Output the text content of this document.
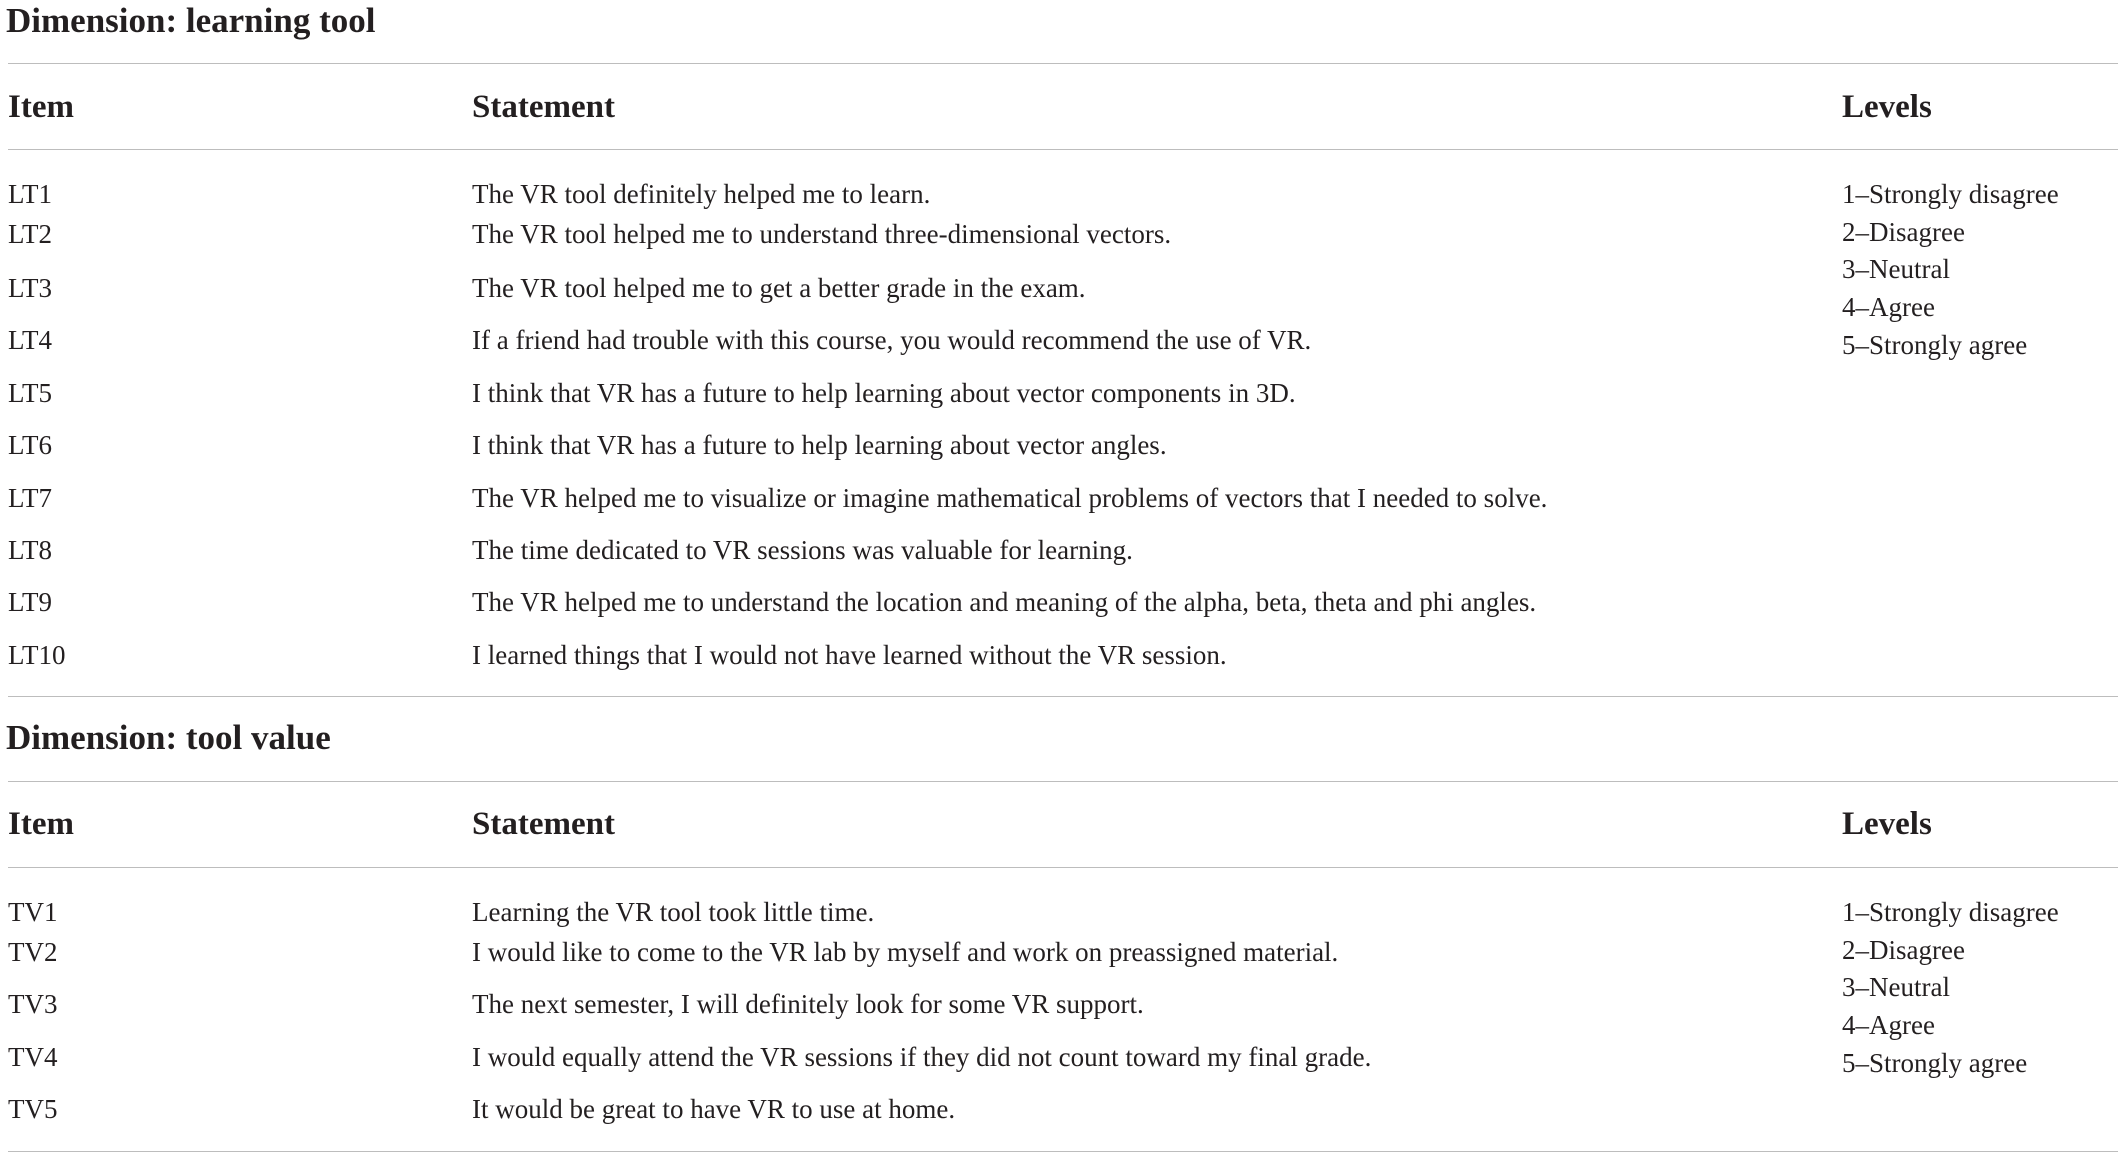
Dimension: learning tool
Item	Statement	Levels
LT1	The VR tool definitely helped me to learn.
LT2	The VR tool helped me to understand three-dimensional vectors.
LT3	The VR tool helped me to get a better grade in the exam.
LT4	If a friend had trouble with this course, you would recommend the use of VR.
LT5	I think that VR has a future to help learning about vector components in 3D.
LT6	I think that VR has a future to help learning about vector angles.
LT7	The VR helped me to visualize or imagine mathematical problems of vectors that I needed to solve.
LT8	The time dedicated to VR sessions was valuable for learning.
LT9	The VR helped me to understand the location and meaning of the alpha, beta, theta and phi angles.
LT10	I learned things that I would not have learned without the VR session.
1–Strongly disagree
2–Disagree
3–Neutral
4–Agree
5–Strongly agree
Dimension: tool value
Item	Statement	Levels
TV1	Learning the VR tool took little time.
TV2	I would like to come to the VR lab by myself and work on preassigned material.
TV3	The next semester, I will definitely look for some VR support.
TV4	I would equally attend the VR sessions if they did not count toward my final grade.
TV5	It would be great to have VR to use at home.
1–Strongly disagree
2–Disagree
3–Neutral
4–Agree
5–Strongly agree
